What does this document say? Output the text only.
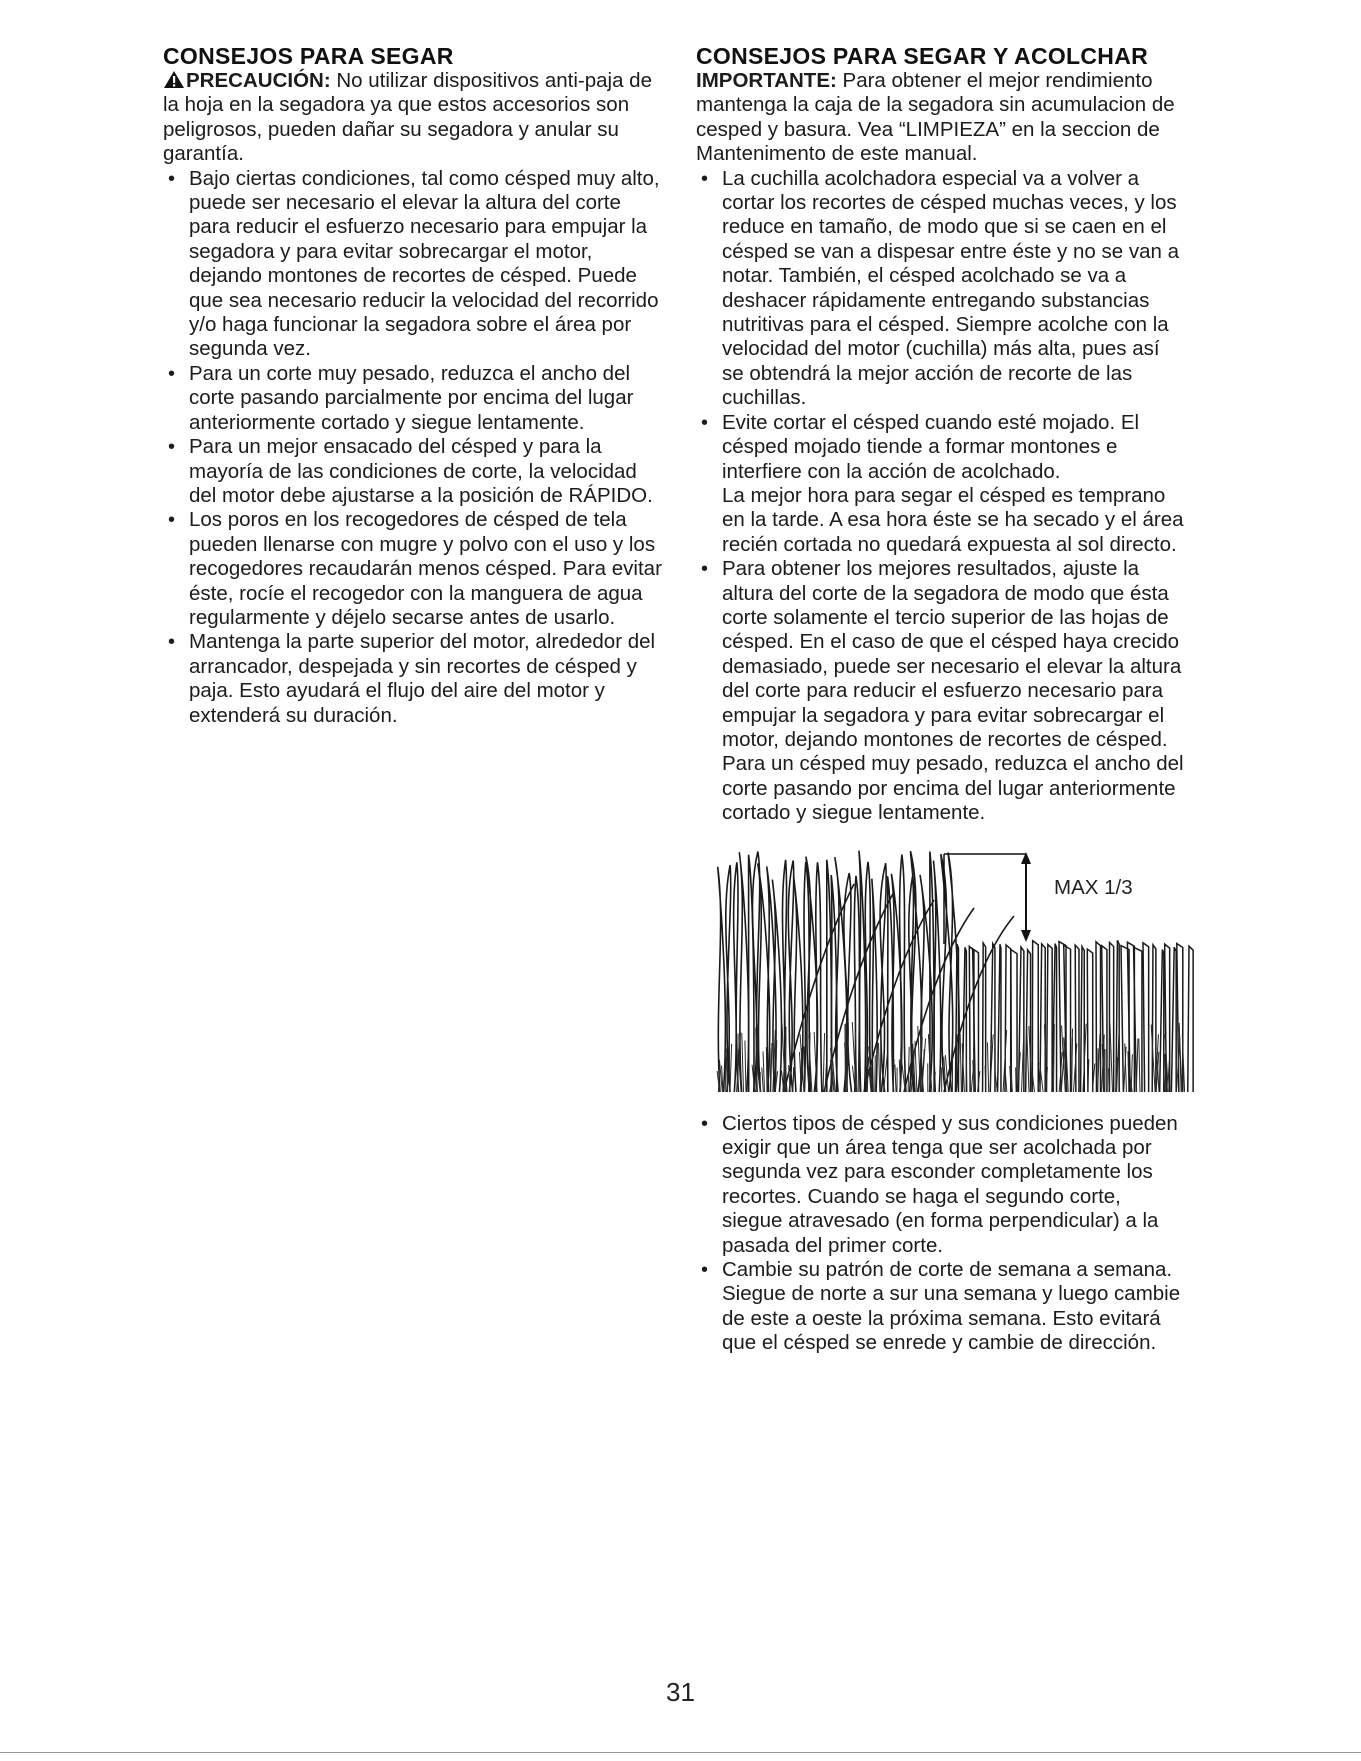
CONSEJOS PARA SEGAR

PRECAUCIÓN: No utilizar dispositivos anti-paja de la hoja en la segadora ya que estos accesorios son peligrosos, pueden dañar su segadora y anular su garantía.

• Bajo ciertas condiciones, tal como césped muy alto, puede ser necesario el elevar la altura del corte para reducir el esfuerzo necesario para empujar la segadora y para evitar sobrecargar el motor, dejando montones de recortes de césped. Puede que sea necesario reducir la velocidad del recorrido y/o haga funcionar la segadora sobre el área por segunda vez.
• Para un corte muy pesado, reduzca el ancho del corte pasando parcialmente por encima del lugar anteriormente cortado y siegue lentamente.
• Para un mejor ensacado del césped y para la mayoría de las condiciones de corte, la velocidad del motor debe ajustarse a la posición de RÁPIDO.
• Los poros en los recogedores de césped de tela pueden llenarse con mugre y polvo con el uso y los recogedores recaudarán menos césped. Para evitar éste, rocíe el recogedor con la manguera de agua regularmente y déjelo secarse antes de usarlo.
• Mantenga la parte superior del motor, alrededor del arrancador, despejada y sin recortes de césped y paja. Esto ayudará el flujo del aire del motor y extenderá su duración.
CONSEJOS PARA SEGAR Y ACOLCHAR

IMPORTANTE: Para obtener el mejor rendimiento mantenga la caja de la segadora sin acumulacion de cesped y basura. Vea “LIMPIEZA” en la seccion de Mantenimento de este manual.

• La cuchilla acolchadora especial va a volver a cortar los recortes de césped muchas veces, y los reduce en tamaño, de modo que si se caen en el césped se van a dispesar entre éste y no se van a notar. También, el césped acolchado se va a deshacer rápidamente entregando substancias nutritivas para el césped. Siempre acolche con la velocidad del motor (cuchilla) más alta, pues así se obtendrá la mejor acción de recorte de las cuchillas.
• Evite cortar el césped cuando esté mojado. El césped mojado tiende a formar montones e interfiere con la acción de acolchado.
La mejor hora para segar el césped es temprano en la tarde. A esa hora éste se ha secado y el área recién cortada no quedará expuesta al sol directo.
• Para obtener los mejores resultados, ajuste la altura del corte de la segadora de modo que ésta corte solamente el tercio superior de las hojas de césped. En el caso de que el césped haya crecido demasiado, puede ser necesario el elevar la altura del corte para reducir el esfuerzo necesario para empujar la segadora y para evitar sobrecargar el motor, dejando montones de recortes de césped.
Para un césped muy pesado, reduzca el ancho del corte pasando por encima del lugar anteriormente cortado y siegue lentamente.
MAX 1/3
• Ciertos tipos de césped y sus condiciones pueden exigir que un área tenga que ser acolchada por segunda vez para esconder completamente los recortes. Cuando se haga el segundo corte, siegue atravesado (en forma perpendicular) a la pasada del primer corte.
• Cambie su patrón de corte de semana a semana. Siegue de norte a sur una semana y luego cambie de este a oeste la próxima semana. Esto evitará que el césped se enrede y cambie de dirección.
31
